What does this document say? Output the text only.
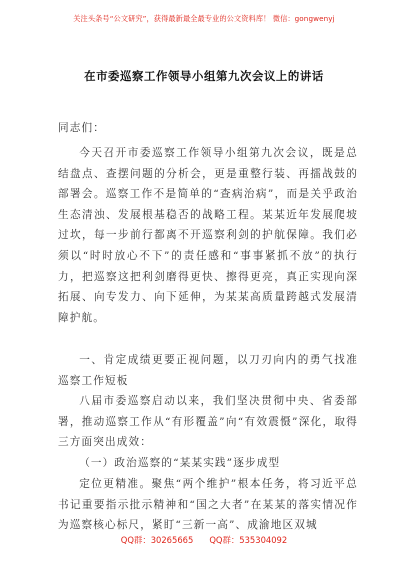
关注头条号“公文研究”，获得最新最全最专业的公文资料库！ 微信：gongwenyj
在市委巡察工作领导小组第九次会议上的讲话
同志们：
今天召开市委巡察工作领导小组第九次会议，既是总结盘点、查摆问题的分析会，更是重整行装、再擂战鼓的部署会。巡察工作不是简单的“查病治病”，而是关乎政治生态清浊、发展根基稳否的战略工程。某某近年发展爬坡过坎，每一步前行都离不开巡察利剑的护航保障。我们必须以“时时放心不下”的责任感和“事事紧抓不放”的执行力，把巡察这把利剑磨得更快、擦得更亮，真正实现向深拓展、向专发力、向下延伸，为某某高质量跨越式发展清障护航。
一、肯定成绩更要正视问题，以刀刃向内的勇气找准巡察工作短板
八届市委巡察启动以来，我们坚决贯彻中央、省委部署，推动巡察工作从“有形覆盖”向“有效震慑”深化，取得三方面突出成效：
（一）政治巡察的“某某实践”逐步成型
定位更精准。聚焦“两个维护”根本任务，将习近平总书记重要指示批示精神和“国之大者”在某某的落实情况作为巡察核心标尺，紧盯“三新一高”、成渝地区双城
QQ群：30265665 QQ群：535304092
